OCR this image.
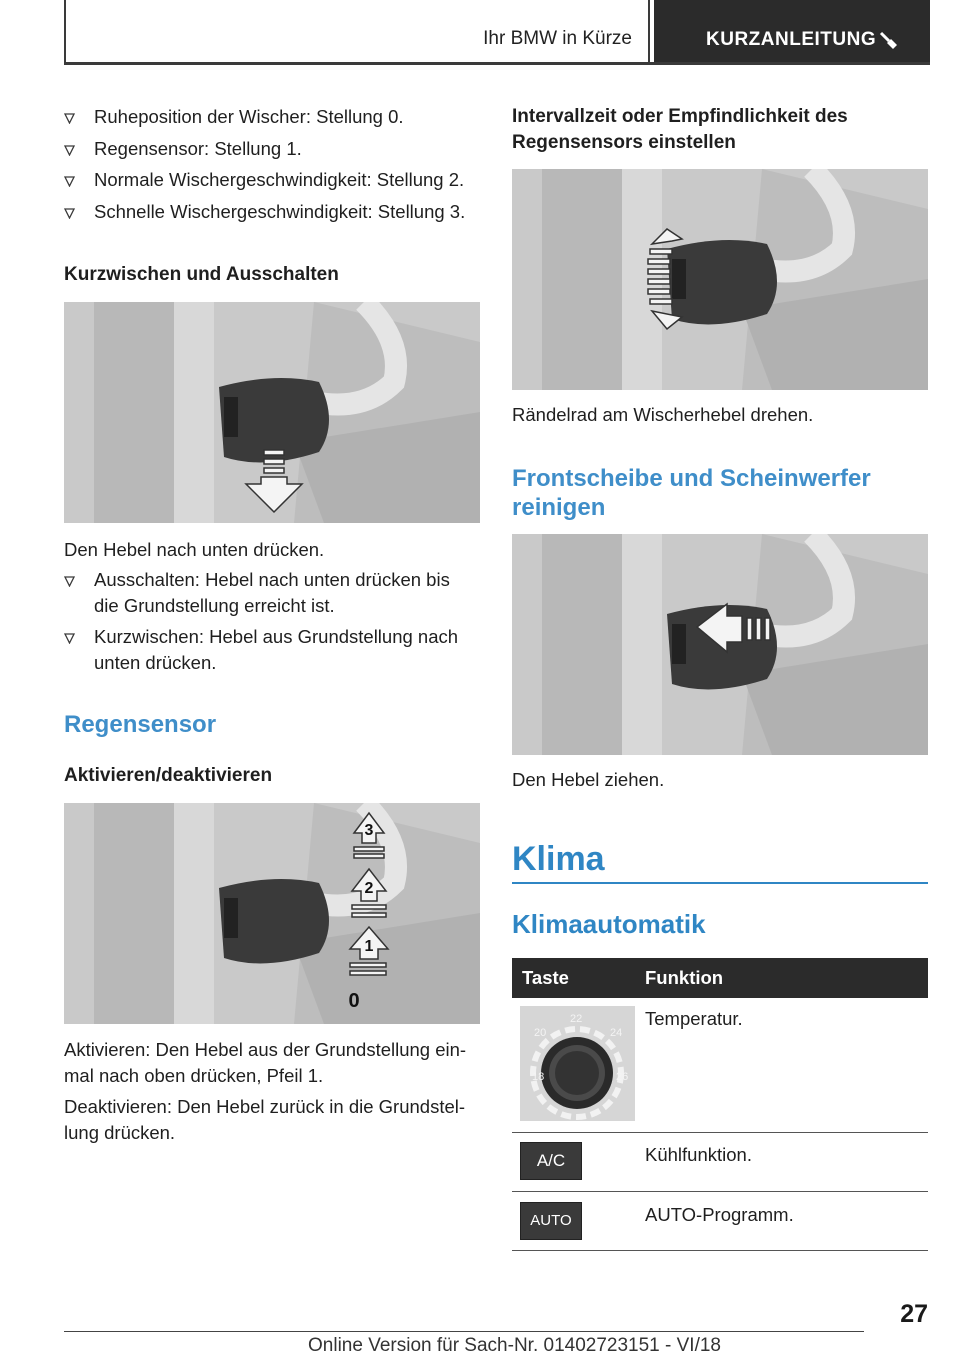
Ihr BMW in Kürze	KURZANLEITUNG
Ruheposition der Wischer: Stellung 0.
Regensensor: Stellung 1.
Normale Wischergeschwindigkeit: Stellung 2.
Schnelle Wischergeschwindigkeit: Stellung 3.
Kurzwischen und Ausschalten
Den Hebel nach unten drücken.
Ausschalten: Hebel nach unten drücken bis
die Grundstellung erreicht ist.
Kurzwischen: Hebel aus Grundstellung nach
unten drücken.
Regensensor
Aktivieren/deaktivieren
3
2
1
0
Aktivieren: Den Hebel aus der Grundstellung ein-
mal nach oben drücken, Pfeil 1.
Deaktivieren: Den Hebel zurück in die Grundstel-
lung drücken.
Intervallzeit oder Empfindlichkeit des
Regensensors einstellen
Rändelrad am Wischerhebel drehen.
Frontscheibe und Scheinwerfer
reinigen
Den Hebel ziehen.
Klima
Klimaautomatik
Taste	Funktion
18
20
22
24
26
Temperatur.
A/C	Kühlfunktion.
AUTO	AUTO-Programm.
27
Online Version für Sach-Nr. 01402723151 - VI/18
